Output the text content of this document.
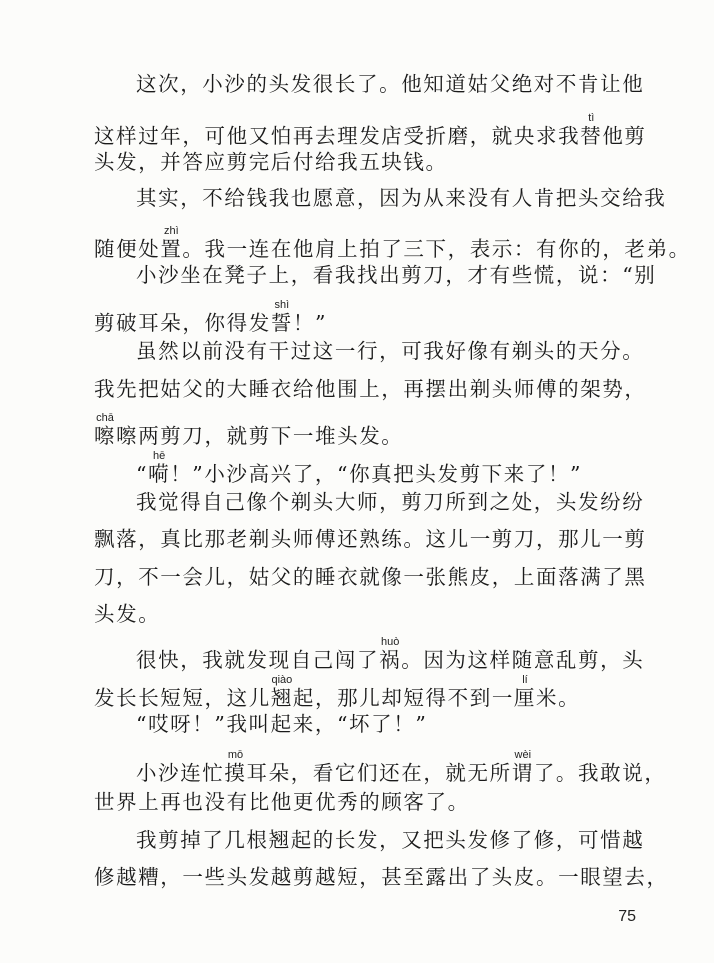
这次，小沙的头发很长了。他知道姑父绝对不肯让他
这样过年，可他又怕再去理发店受折磨，就央求我替tì他剪
头发，并答应剪完后付给我五块钱。
其实，不给钱我也愿意，因为从来没有人肯把头交给我
随便处置zhì。我一连在他肩上拍了三下，表示：有你的，老弟。
小沙坐在凳子上，看我找出剪刀，才有些慌，说：“别
剪破耳朵，你得发誓shì！”
虽然以前没有干过这一行，可我好像有剃头的天分。
我先把姑父的大睡衣给他围上，再摆出剃头师傅的架势，
嚓chā嚓两剪刀，就剪下一堆头发。
“嗬hē！”小沙高兴了，“你真把头发剪下来了！”
我觉得自己像个剃头大师，剪刀所到之处，头发纷纷
飘落，真比那老剃头师傅还熟练。这儿一剪刀，那儿一剪
刀，不一会儿，姑父的睡衣就像一张熊皮，上面落满了黑
头发。
很快，我就发现自己闯了祸huò。因为这样随意乱剪，头
发长长短短，这儿翘qiào起，那儿却短得不到一厘lí米。
“哎呀！”我叫起来，“坏了！”
小沙连忙摸mō耳朵，看它们还在，就无所谓wèi了。我敢说，
世界上再也没有比他更优秀的顾客了。
我剪掉了几根翘起的长发，又把头发修了修，可惜越
修越糟，一些头发越剪越短，甚至露出了头皮。一眼望去，
75
